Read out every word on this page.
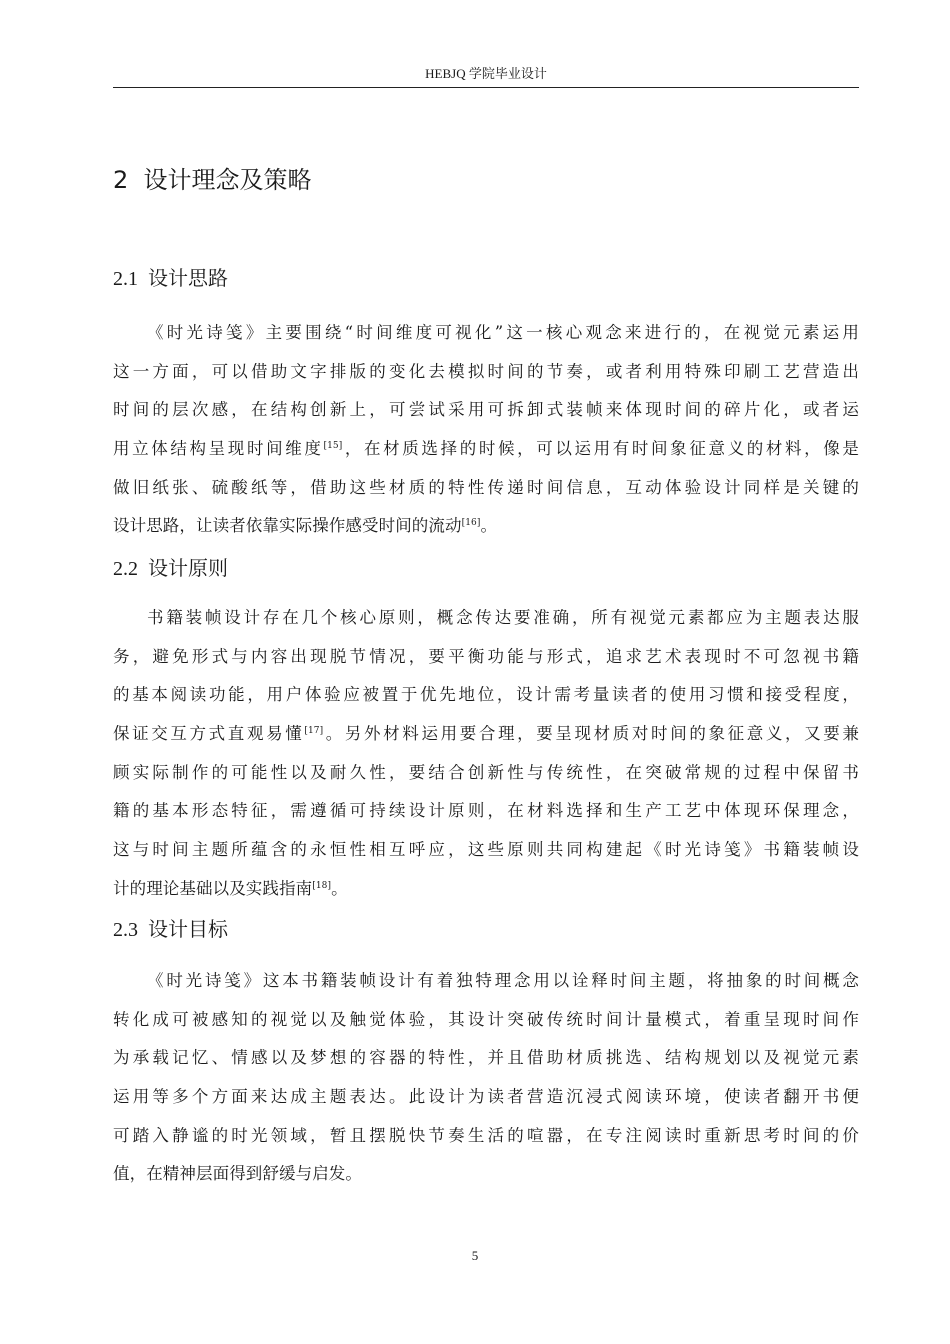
HEBJQ 学院毕业设计
2 设计理念及策略
2.1 设计思路
《时光诗笺》主要围绕“时间维度可视化”这一核心观念来进行的，在视觉元素运用
这一方面，可以借助文字排版的变化去模拟时间的节奏，或者利用特殊印刷工艺营造出
时间的层次感，在结构创新上，可尝试采用可拆卸式装帧来体现时间的碎片化，或者运
用立体结构呈现时间维度[15]，在材质选择的时候，可以运用有时间象征意义的材料，像是
做旧纸张、硫酸纸等，借助这些材质的特性传递时间信息，互动体验设计同样是关键的
设计思路，让读者依靠实际操作感受时间的流动[16]。
2.2 设计原则
书籍装帧设计存在几个核心原则，概念传达要准确，所有视觉元素都应为主题表达服
务，避免形式与内容出现脱节情况，要平衡功能与形式，追求艺术表现时不可忽视书籍
的基本阅读功能，用户体验应被置于优先地位，设计需考量读者的使用习惯和接受程度，
保证交互方式直观易懂[17]。另外材料运用要合理，要呈现材质对时间的象征意义，又要兼
顾实际制作的可能性以及耐久性，要结合创新性与传统性，在突破常规的过程中保留书
籍的基本形态特征，需遵循可持续设计原则，在材料选择和生产工艺中体现环保理念，
这与时间主题所蕴含的永恒性相互呼应，这些原则共同构建起《时光诗笺》书籍装帧设
计的理论基础以及实践指南[18]。
2.3 设计目标
《时光诗笺》这本书籍装帧设计有着独特理念用以诠释时间主题，将抽象的时间概念
转化成可被感知的视觉以及触觉体验，其设计突破传统时间计量模式，着重呈现时间作
为承载记忆、情感以及梦想的容器的特性，并且借助材质挑选、结构规划以及视觉元素
运用等多个方面来达成主题表达。此设计为读者营造沉浸式阅读环境，使读者翻开书便
可踏入静谧的时光领域，暂且摆脱快节奏生活的喧嚣，在专注阅读时重新思考时间的价
值，在精神层面得到舒缓与启发。
5
